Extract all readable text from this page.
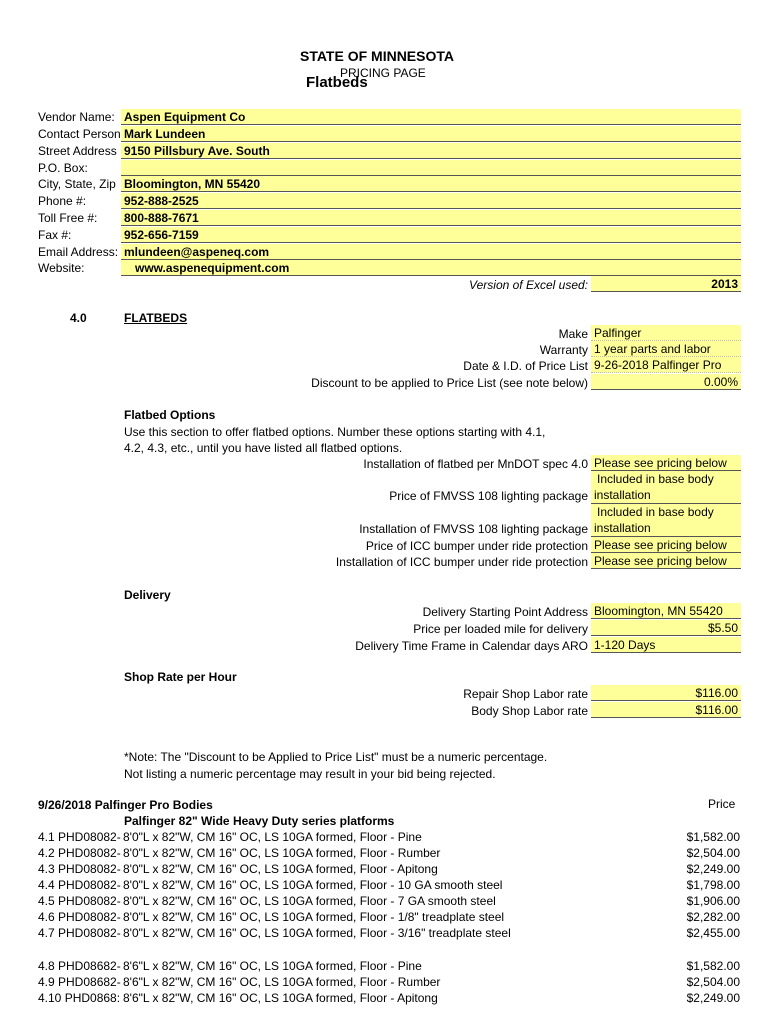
STATE OF MINNESOTA
PRICING PAGE
Flatbeds
Vendor Name: Aspen Equipment Co
Contact Person Mark Lundeen
Street Address 9150 Pillsbury Ave. South
P.O. Box:
City, State, Zip Bloomington, MN 55420
Phone #:	952-888-2525
Toll Free #: 800-888-7671
Fax #:	952-656-7159
Email Address: mlundeen@aspeneq.com
Website:	www.aspenequipment.com
Version of Excel used:	2013
4.0	FLATBEDS
Make Palfinger
Warranty 1 year parts and labor
Date & I.D. of Price List 9-26-2018 Palfinger Pro
Discount to be applied to Price List (see note below)	0.00%
Flatbed Options
Use this section to offer flatbed options. Number these options starting with 4.1,
4.2, 4.3, etc., until you have listed all flatbed options.
Installation of flatbed per MnDOT spec 4.0 Please see pricing below
Price of FMVSS 108 lighting package
Included in base body
installation
Installation of FMVSS 108 lighting package
Included in base body
installation
Price of ICC bumper under ride protection Please see pricing below
Installation of ICC bumper under ride protection Please see pricing below
Delivery
Delivery Starting Point Address Bloomington, MN 55420
Price per loaded mile for delivery	$5.50
Delivery Time Frame in Calendar days ARO 1-120 Days
Shop Rate per Hour
Repair Shop Labor rate	$116.00
Body Shop Labor rate	$116.00
*Note: The "Discount to be Applied to Price List" must be a numeric percentage.
Not listing a numeric percentage may result in your bid being rejected.
9/26/2018 Palfinger Pro Bodies	Price
Palfinger 82" Wide Heavy Duty series platforms
4.1 PHD08082- 8'0"L x 82"W, CM 16" OC, LS 10GA formed, Floor - Pine	$1,582.00
4.2 PHD08082- 8'0"L x 82"W, CM 16" OC, LS 10GA formed, Floor - Rumber	$2,504.00
4.3 PHD08082- 8'0"L x 82"W, CM 16" OC, LS 10GA formed, Floor - Apitong	$2,249.00
4.4 PHD08082- 8'0"L x 82"W, CM 16" OC, LS 10GA formed, Floor - 10 GA smooth steel	$1,798.00
4.5 PHD08082- 8'0"L x 82"W, CM 16" OC, LS 10GA formed, Floor - 7 GA smooth steel	$1,906.00
4.6 PHD08082- 8'0"L x 82"W, CM 16" OC, LS 10GA formed, Floor - 1/8" treadplate steel	$2,282.00
4.7 PHD08082- 8'0"L x 82"W, CM 16" OC, LS 10GA formed, Floor - 3/16" treadplate steel	$2,455.00
4.8 PHD08682- 8'6"L x 82"W, CM 16" OC, LS 10GA formed, Floor - Pine	$1,582.00
4.9 PHD08682- 8'6"L x 82"W, CM 16" OC, LS 10GA formed, Floor - Rumber	$2,504.00
4.10 PHD0868: 8'6"L x 82"W, CM 16" OC, LS 10GA formed, Floor - Apitong	$2,249.00
